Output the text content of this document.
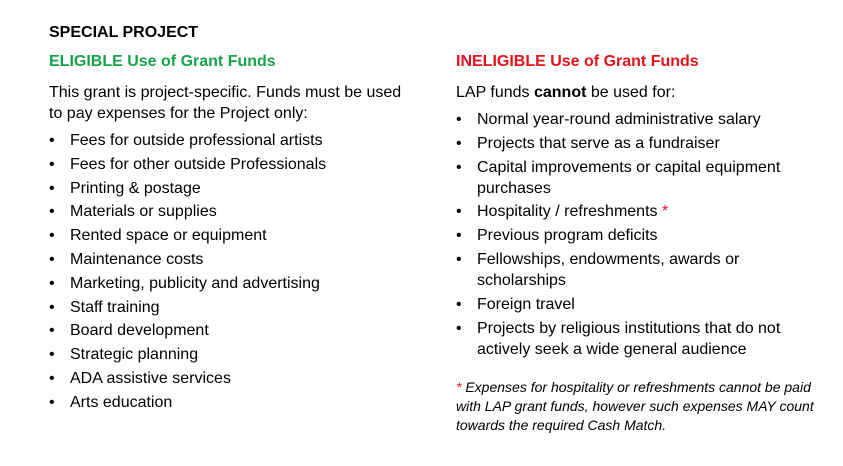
SPECIAL PROJECT
ELIGIBLE Use of Grant Funds
This grant is project-specific. Funds must be used to pay expenses for the Project only:
• Fees for outside professional artists
• Fees for other outside Professionals
• Printing & postage
• Materials or supplies
• Rented space or equipment
• Maintenance costs
• Marketing, publicity and advertising
• Staff training
• Board development
• Strategic planning
• ADA assistive services
• Arts education
INELIGIBLE Use of Grant Funds
LAP funds cannot be used for:
• Normal year-round administrative salary
• Projects that serve as a fundraiser
• Capital improvements or capital equipment purchases
• Hospitality / refreshments *
• Previous program deficits
• Fellowships, endowments, awards or scholarships
• Foreign travel
• Projects by religious institutions that do not actively seek a wide general audience
* Expenses for hospitality or refreshments cannot be paid with LAP grant funds, however such expenses MAY count towards the required Cash Match.
